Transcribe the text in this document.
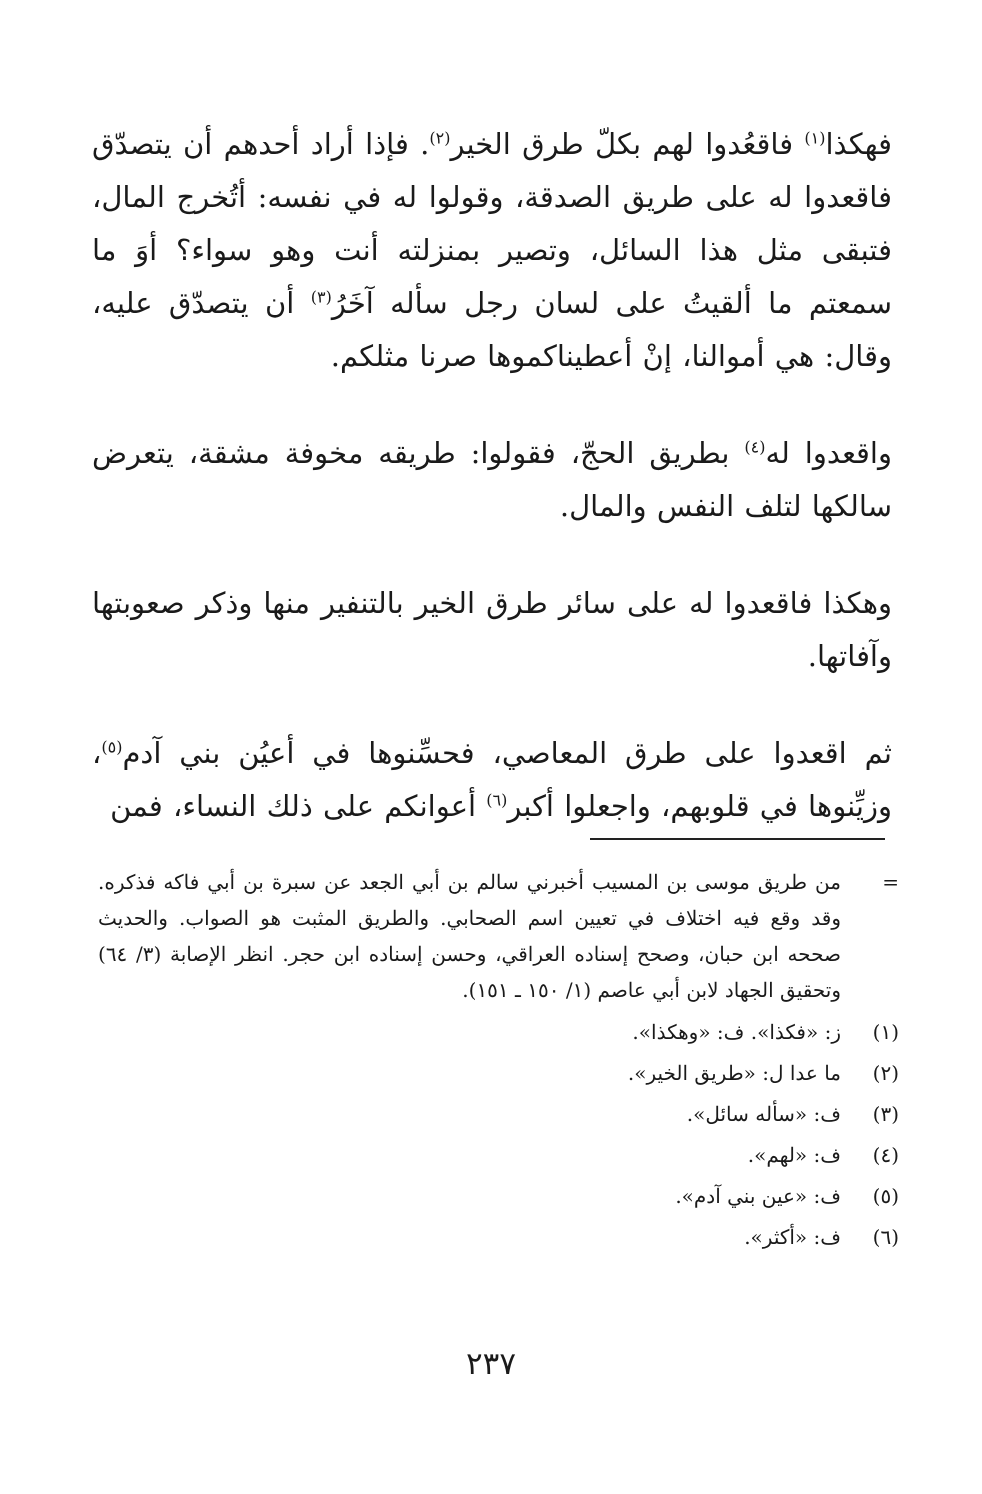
فهكذا$^{(١)}$ فاقعُدوا لهم بكلّ طرق الخير$^{(٢)}$. فإذا أراد أحدهم أن يتصدّق فاقعدوا له على طريق الصدقة، وقولوا له في نفسه: أتُخرج المال، فتبقى مثل هذا السائل، وتصير بمنزلته أنت وهو سواء؟ أوَ ما سمعتم ما ألقيتُ على لسان رجل سأله آخَرُ$^{(٣)}$ أن يتصدّق عليه، وقال: هي أموالنا، إنْ أعطيناكموها صرنا مثلكم.

واقعدوا له$^{(٤)}$ بطريق الحجّ، فقولوا: طريقه مخوفة مشقة، يتعرض سالكها لتلف النفس والمال.

وهكذا فاقعدوا له على سائر طرق الخير بالتنفير منها وذكر صعوبتها وآفاتها.

ثم اقعدوا على طرق المعاصي، فحسِّنوها في أعيُن بني آدم$^{(٥)}$، وزيِّنوها في قلوبهم، واجعلوا أكبر$^{(٦)}$ أعوانكم على ذلك النساء، فمن

=
من طريق موسى بن المسيب أخبرني سالم بن أبي الجعد عن سبرة بن أبي فاكه فذكره. وقد وقع فيه اختلاف في تعيين اسم الصحابي. والطريق المثبت هو الصواب. والحديث صححه ابن حبان، وصحح إسناده العراقي، وحسن إسناده ابن حجر. انظر الإصابة (٣/ ٦٤) وتحقيق الجهاد لابن أبي عاصم (١/ ١٥٠ ـ ١٥١).
(١)
ز: «فكذا». ف: «وهكذا».
(٢)
ما عدا ل: «طريق الخير».
(٣)
ف: «سأله سائل».
(٤)
ف: «لهم».
(٥)
ف: «عين بني آدم».
(٦)
ف: «أكثر».
٢٣٧
